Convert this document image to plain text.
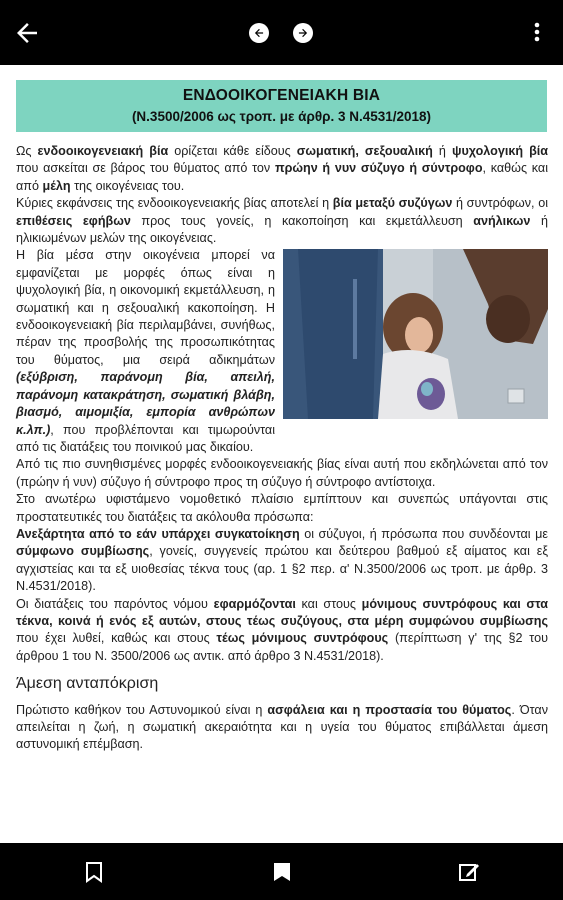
ΕΝΔΟΟΙΚΟΓΕΝΕΙΑΚΗ ΒΙΑ
(Ν.3500/2006 ως τροπ. με άρθρ. 3 Ν.4531/2018)

Ως ενδοοικογενειακή βία ορίζεται κάθε είδους σωματική, σεξουαλική ή ψυχολογική βία που ασκείται σε βάρος του θύματος από τον πρώην ή νυν σύζυγο ή σύντροφο, καθώς και από μέλη της οικογένειας του.

Κύριες εκφάνσεις της ενδοοικογενειακής βίας αποτελεί η βία μεταξύ συζύγων ή συντρόφων, οι επιθέσεις εφήβων προς τους γονείς, η κακοποίηση και εκμετάλλευση ανήλικων ή ηλικιωμένων μελών της οικογένειας.

Η βία μέσα στην οικογένεια μπορεί να εμφανίζεται με μορφές όπως είναι η ψυχολογική βία, η οικονομική εκμετάλλευση, η σωματική και η σεξουαλική κακοποίηση. Η ενδοοικογενειακή βία περιλαμβάνει, συνήθως, πέραν της προσβολής της προσωπικότητας του θύματος, μια σειρά αδικημάτων (εξύβριση, παράνομη βία, απειλή, παράνομη κατακράτηση, σωματική βλάβη, βιασμό, αιμομιξία, εμπορία ανθρώπων κ.λπ.), που προβλέπονται και τιμωρούνται από τις διατάξεις του ποινικού μας δικαίου.

Από τις πιο συνηθισμένες μορφές ενδοοικογενειακής βίας είναι αυτή που εκδηλώνεται από τον (πρώην ή νυν) σύζυγο ή σύντροφο προς τη σύζυγο ή σύντροφο αντίστοιχα.

Στο ανωτέρω υφιστάμενο νομοθετικό πλαίσιο εμπίπτουν και συνεπώς υπάγονται στις προστατευτικές του διατάξεις τα ακόλουθα πρόσωπα:

Ανεξάρτητα από το εάν υπάρχει συγκατοίκηση οι σύζυγοι, ή πρόσωπα που συνδέονται με σύμφωνο συμβίωσης, γονείς, συγγενείς πρώτου και δεύτερου βαθμού εξ αίματος και εξ αγχιστείας και τα εξ υιοθεσίας τέκνα τους (αρ. 1 §2 περ. α' Ν.3500/2006 ως τροπ. με άρθρ. 3 Ν.4531/2018).

Οι διατάξεις του παρόντος νόμου εφαρμόζονται και στους μόνιμους συντρόφους και στα τέκνα, κοινά ή ενός εξ αυτών, στους τέως συζύγους, στα μέρη συμφώνου συμβίωσης που έχει λυθεί, καθώς και στους τέως μόνιμους συντρόφους (περίπτωση γ' της §2 του άρθρου 1 του Ν. 3500/2006 ως αντικ. από άρθρο 3 Ν.4531/2018).

Άμεση ανταπόκριση

Πρώτιστο καθήκον του Αστυνομικού είναι η ασφάλεια και η προστασία του θύματος. Όταν απειλείται η ζωή, η σωματική ακεραιότητα και η υγεία του θύματος επιβάλλεται άμεση αστυνομική επέμβαση.
